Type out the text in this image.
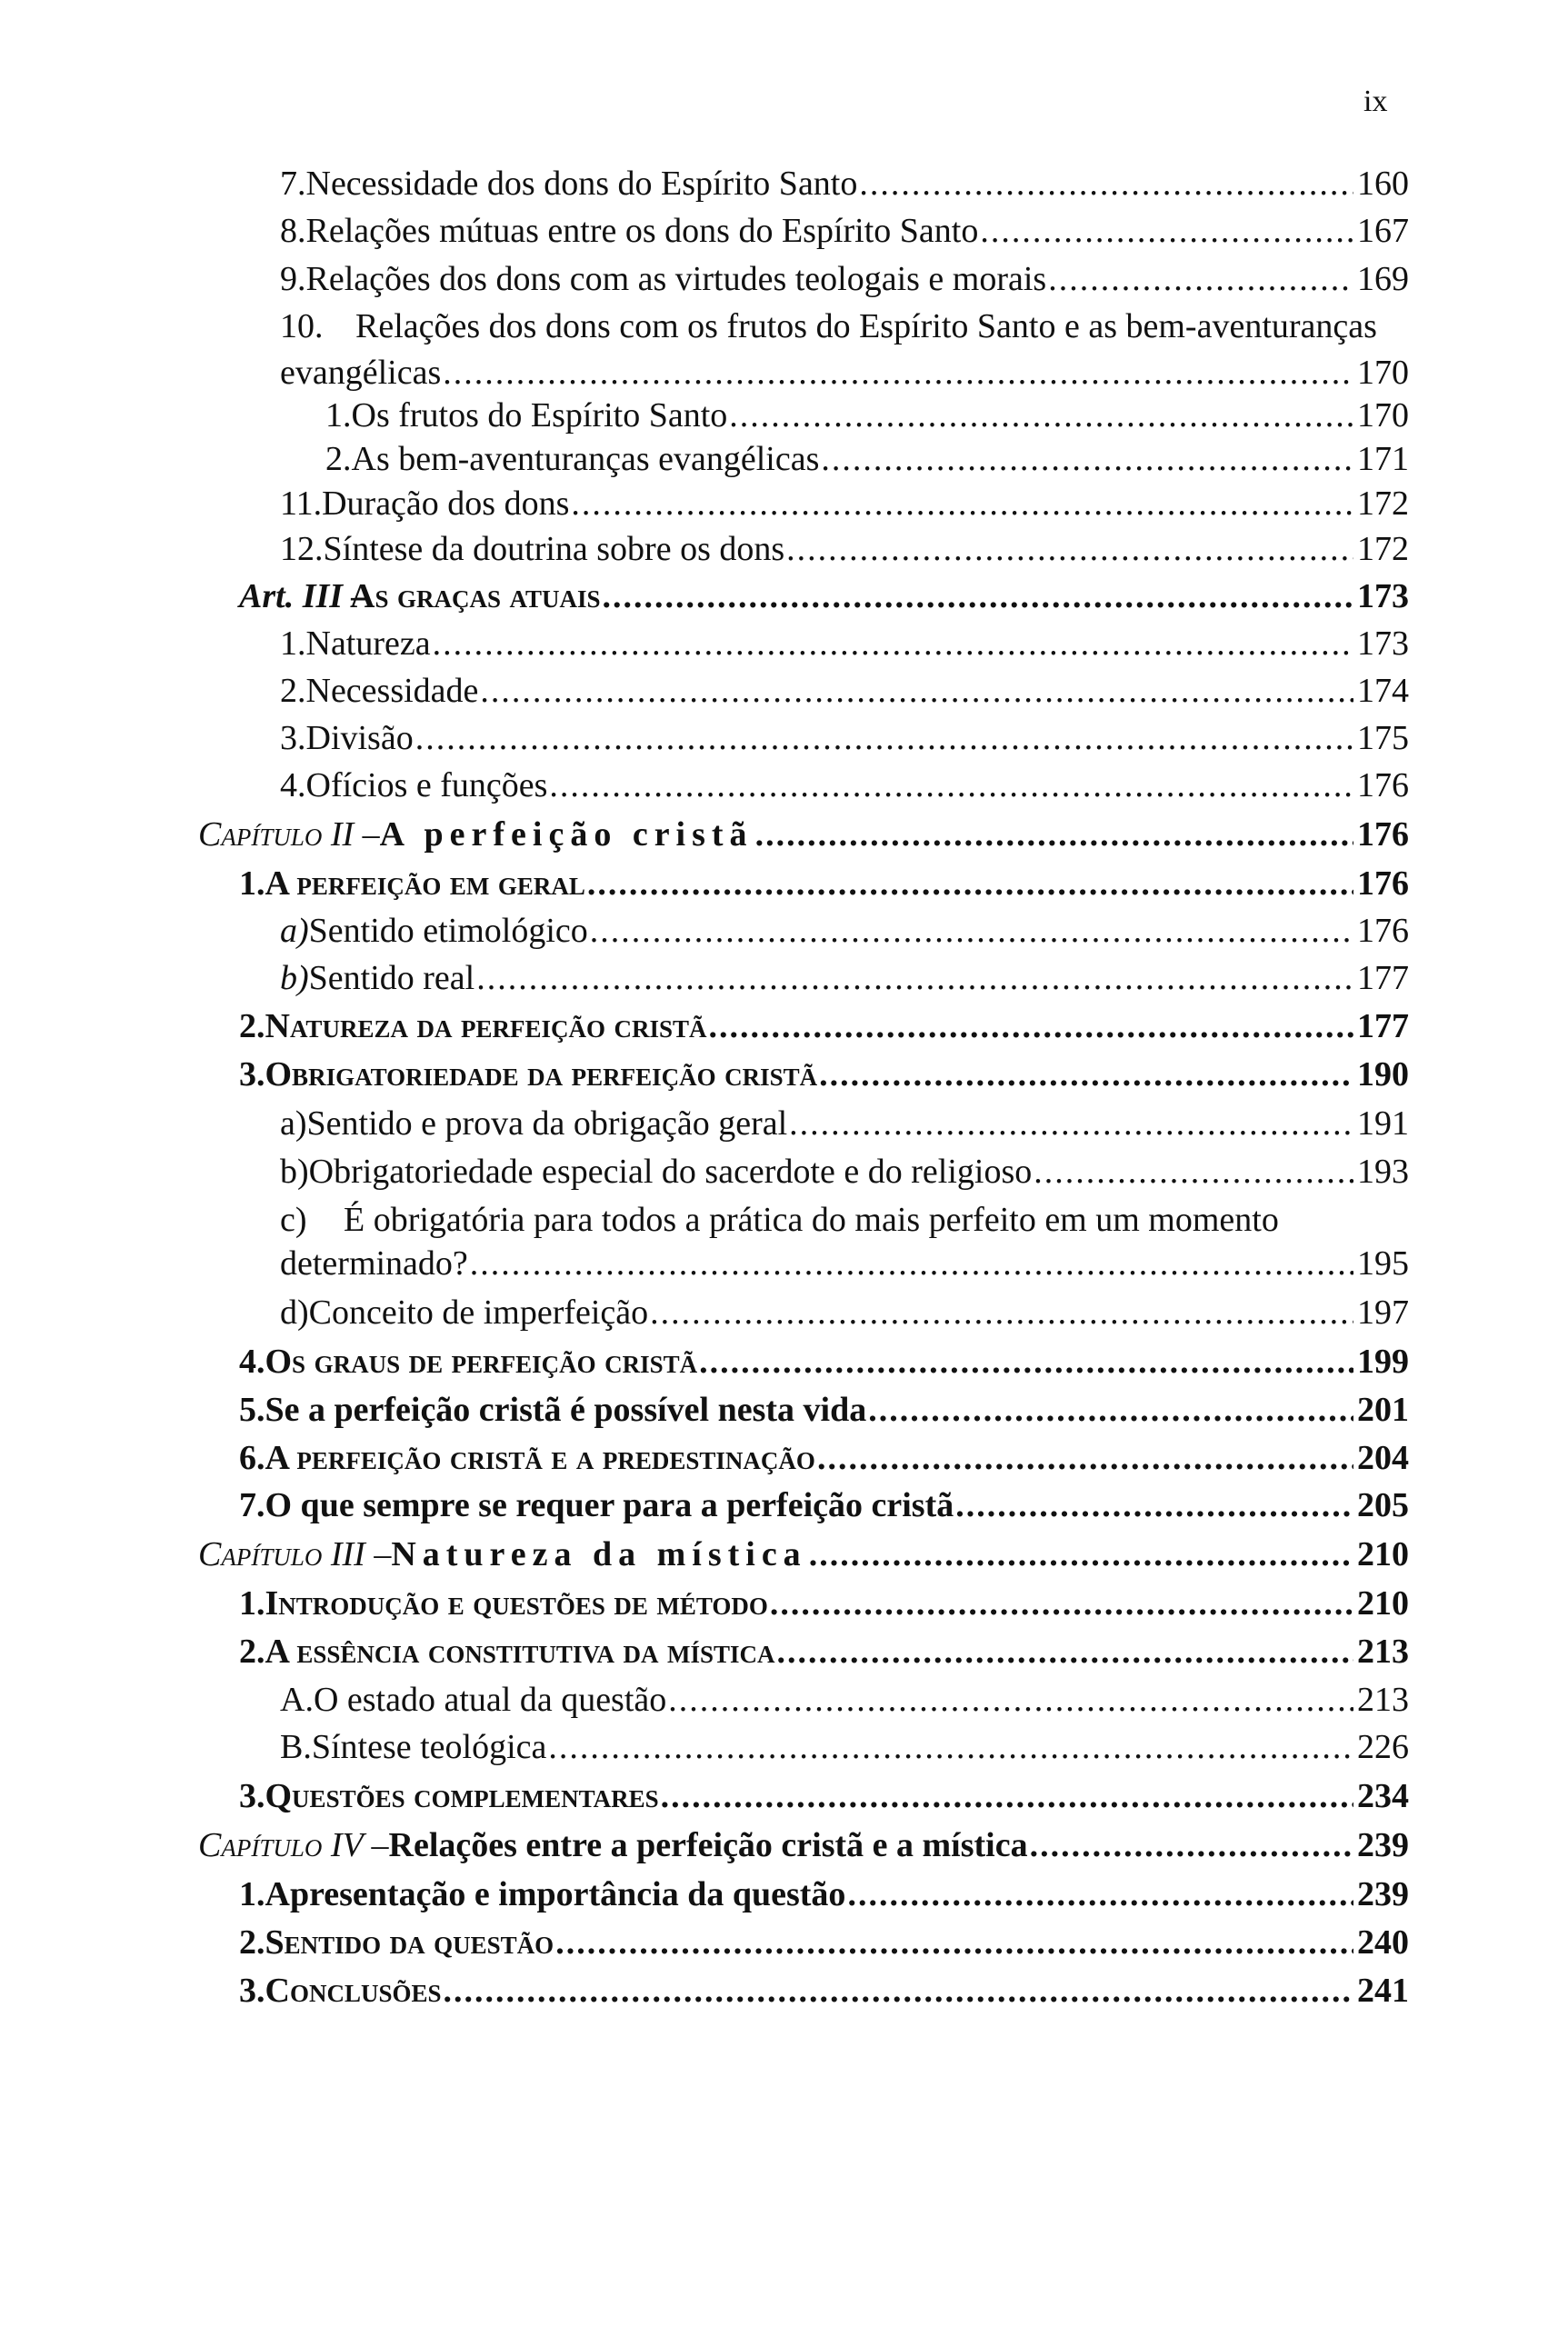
ix
7. Necessidade dos dons do Espírito Santo .....	160
8. Relações mútuas entre os dons do Espírito Santo .....	167
9. Relações dos dons com as virtudes teologais e morais .....	169
10. Relações dos dons com os frutos do Espírito Santo e as bem-aventuranças
evangélicas .....	170
1. Os frutos do Espírito Santo .....	170
2. As bem-aventuranças evangélicas .....	171
11. Duração dos dons .....	172
12. Síntese da doutrina sobre os dons .....	172
Art. III –
As graças atuais .....	173
1. Natureza .....	173
2. Necessidade .....	174
3. Divisão .....	175
4. Ofícios e funções .....	176
Capítulo II – A perfeição cristã .....	176
1. A perfeição em geral .....	176
a) Sentido etimológico .....	176
b) Sentido real .....	177
2. Natureza da perfeição cristã .....	177
3. Obrigatoriedade da perfeição cristã .....	190
a) Sentido e prova da obrigação geral .....	191
b) Obrigatoriedade especial do sacerdote e do religioso .....	193
c) É obrigatória para todos a prática do mais perfeito em um momento
determinado? .....	195
d) Conceito de imperfeição .....	197
4. Os graus de perfeição cristã .....	199
5. Se a perfeição cristã é possível nesta vida .....	201
6. A perfeição cristã e a predestinação .....	204
7. O que sempre se requer para a perfeição cristã .....	205
Capítulo III – Natureza da mística .....	210
1. Introdução e questões de método .....	210
2. A essência constitutiva da mística .....	213
A. O estado atual da questão .....	213
B. Síntese teológica .....	226
3. Questões complementares .....	234
Capítulo IV – Relações entre a perfeição cristã e a mística .....	239
1. Apresentação e importância da questão .....	239
2. Sentido da questão .....	240
3. Conclusões .....	241
